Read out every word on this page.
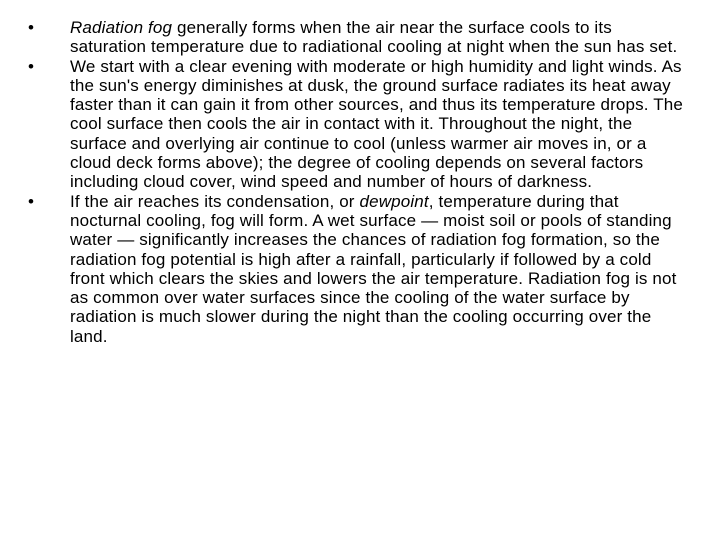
•	Radiation fog generally forms when the air near the surface cools to its saturation temperature due to radiational cooling at night when the sun has set.
•	We start with a clear evening with moderate or high humidity and light winds. As the sun's energy diminishes at dusk, the ground surface radiates its heat away faster than it can gain it from other sources, and thus its temperature drops. The cool surface then cools the air in contact with it. Throughout the night, the surface and overlying air continue to cool (unless warmer air moves in, or a cloud deck forms above); the degree of cooling depends on several factors including cloud cover, wind speed and number of hours of darkness.
•	If the air reaches its condensation, or dewpoint, temperature during that nocturnal cooling, fog will form. A wet surface — moist soil or pools of standing water — significantly increases the chances of radiation fog formation, so the radiation fog potential is high after a rainfall, particularly if followed by a cold front which clears the skies and lowers the air temperature. Radiation fog is not as common over water surfaces since the cooling of the water surface by radiation is much slower during the night than the cooling occurring over the land.
